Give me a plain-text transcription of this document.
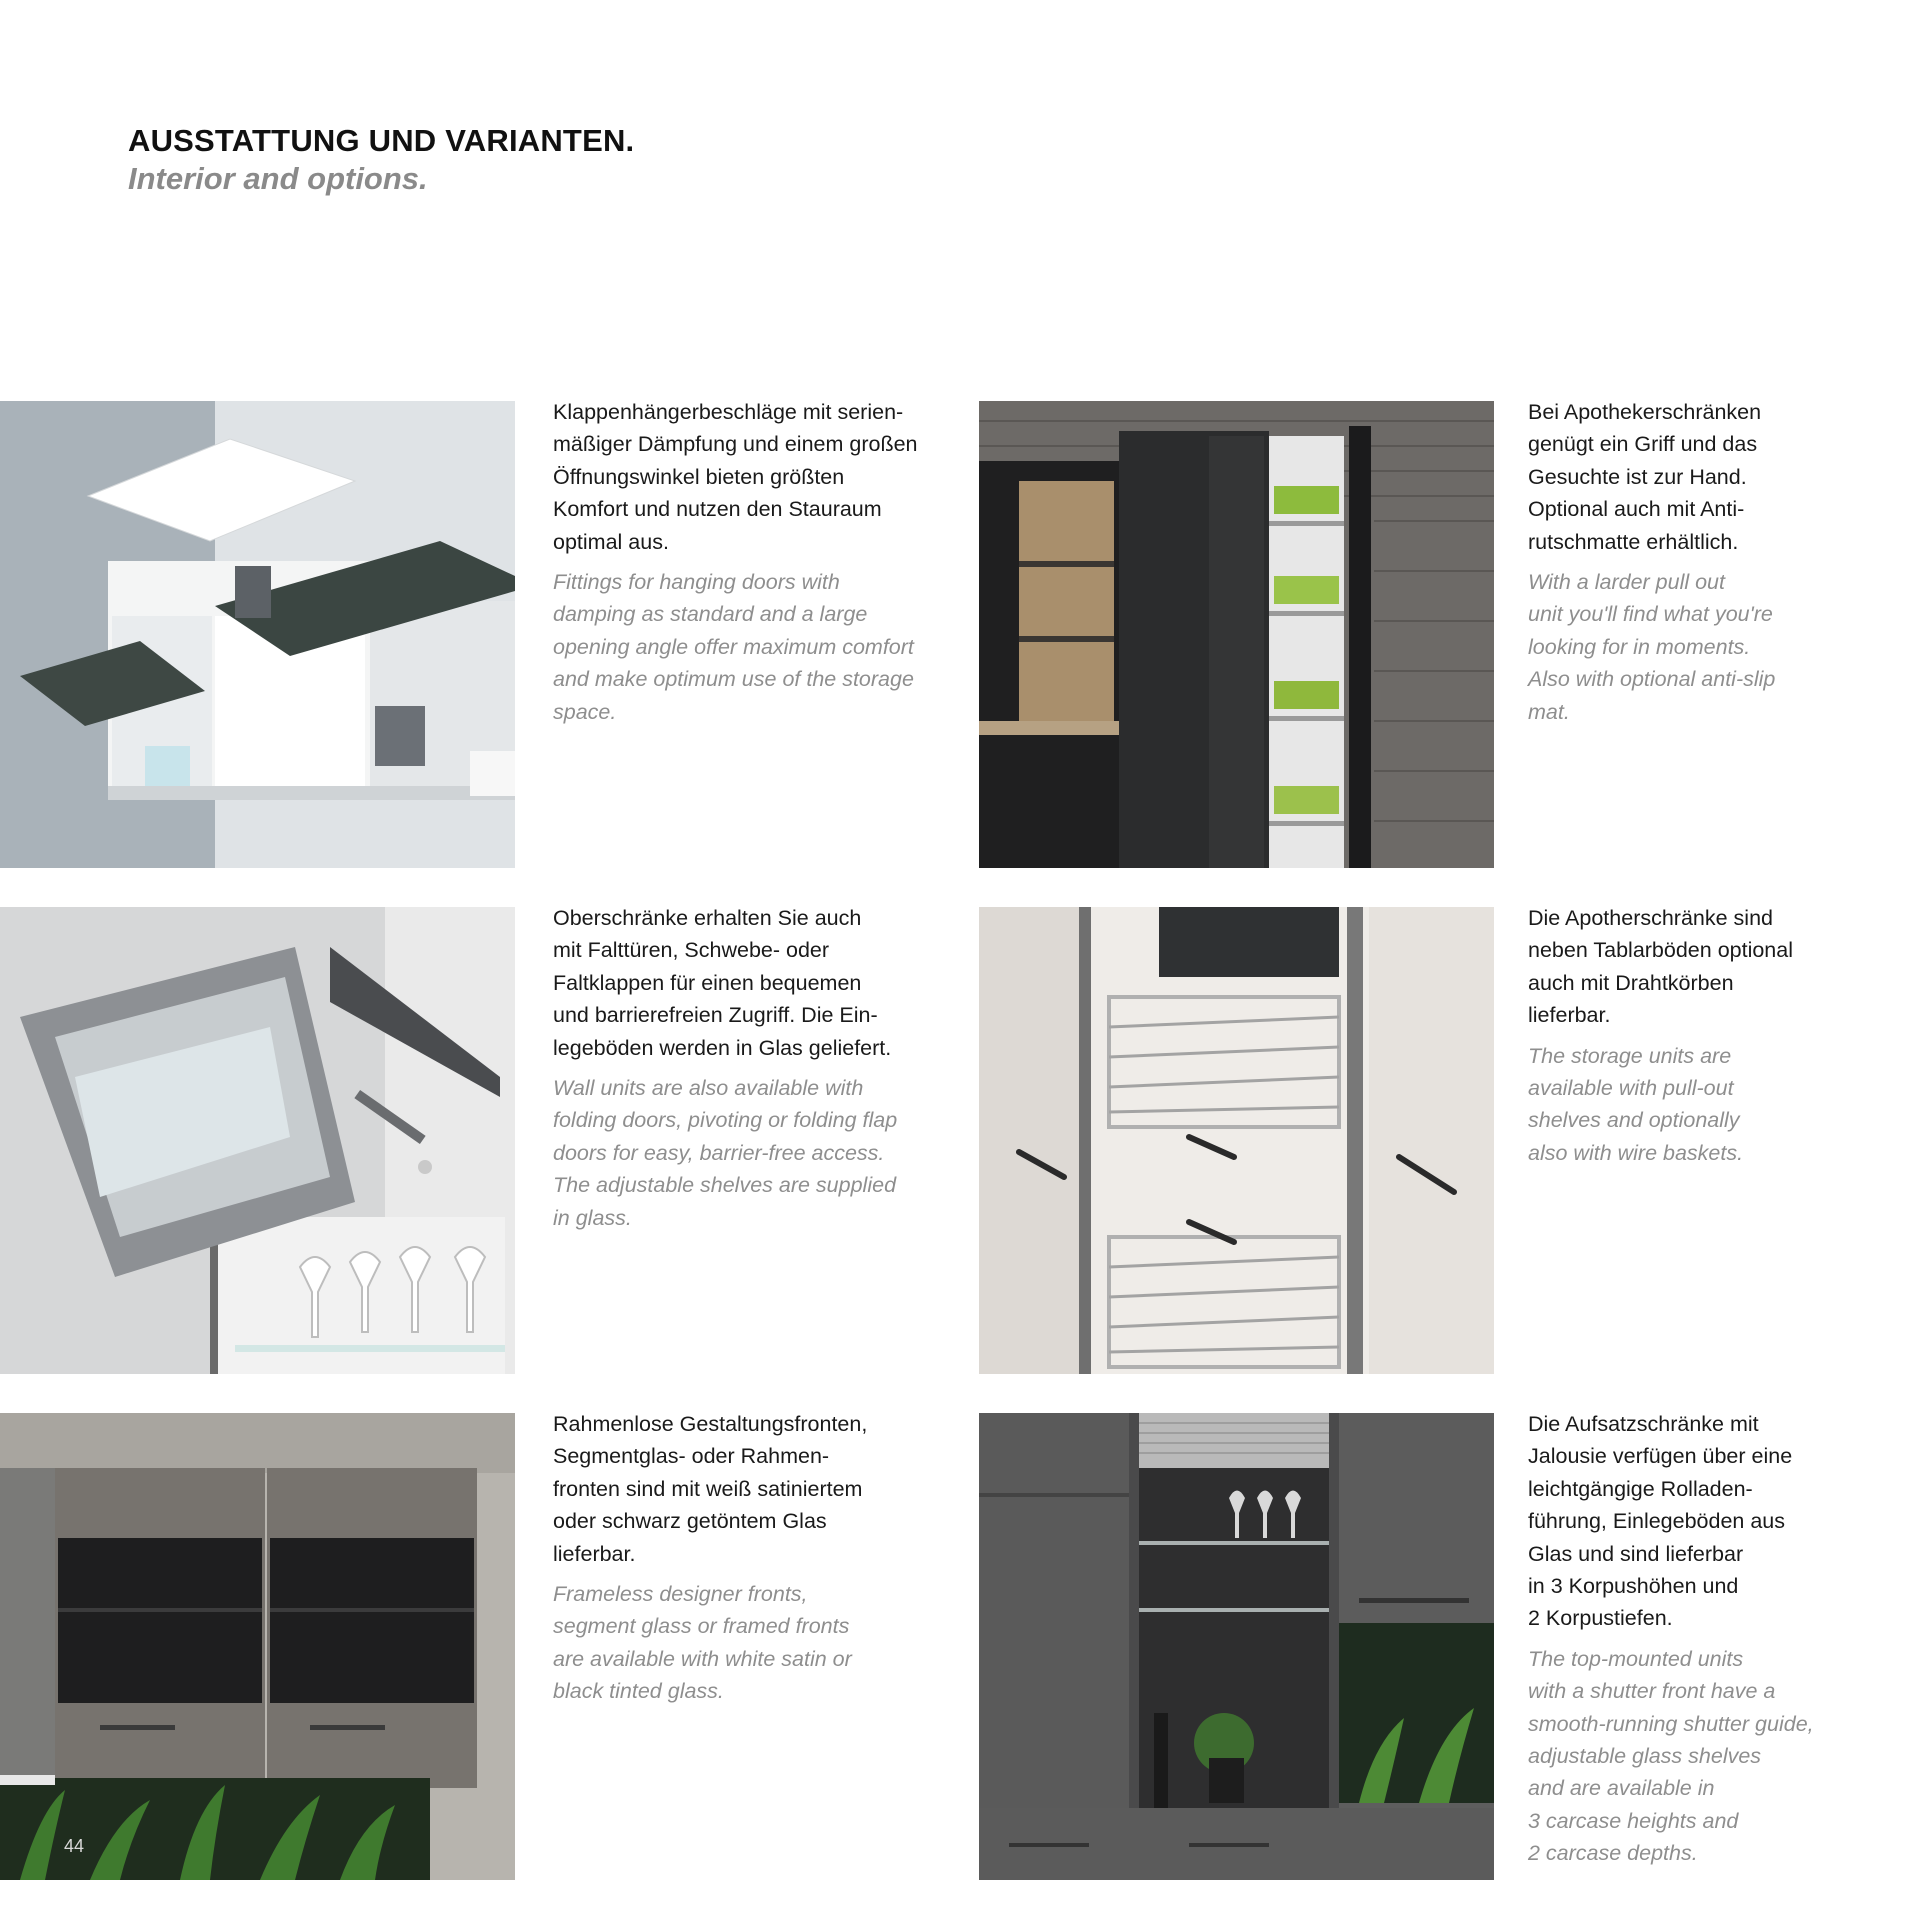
AUSSTATTUNG UND VARIANTEN.
Interior and options.

Klappenhängerbeschläge mit serien-
mäßiger Dämpfung und einem großen
Öffnungswinkel bieten größten
Komfort und nutzen den Stauraum
optimal aus.

Fittings for hanging doors with
damping as standard and a large
opening angle offer maximum comfort
and make optimum use of the storage
space.

Bei Apothekerschränken
genügt ein Griff und das
Gesuchte ist zur Hand.
Optional auch mit Anti-
rutschmatte erhältlich.

With a larder pull out
unit you'll find what you're
looking for in moments.
Also with optional anti-slip
mat.

Oberschränke erhalten Sie auch
mit Falttüren, Schwebe- oder
Faltklappen für einen bequemen
und barrierefreien Zugriff. Die Ein-
legeböden werden in Glas geliefert.

Wall units are also available with
folding doors, pivoting or folding flap
doors for easy, barrier-free access.
The adjustable shelves are supplied
in glass.

Die Apotherschränke sind
neben Tablarböden optional
auch mit Drahtkörben
lieferbar.

The storage units are
available with pull-out
shelves and optionally
also with wire baskets.

Rahmenlose Gestaltungsfronten,
Segmentglas- oder Rahmen-
fronten sind mit weiß satiniertem
oder schwarz getöntem Glas
lieferbar.

Frameless designer fronts,
segment glass or framed fronts
are available with white satin or
black tinted glass.

Die Aufsatzschränke mit
Jalousie verfügen über eine
leichtgängige Rolladen-
führung, Einlegeböden aus
Glas und sind lieferbar
in 3 Korpushöhen und
2 Korpustiefen.

The top-mounted units
with a shutter front have a
smooth-running shutter guide,
adjustable glass shelves
and are available in
3 carcase heights and
2 carcase depths.

44
